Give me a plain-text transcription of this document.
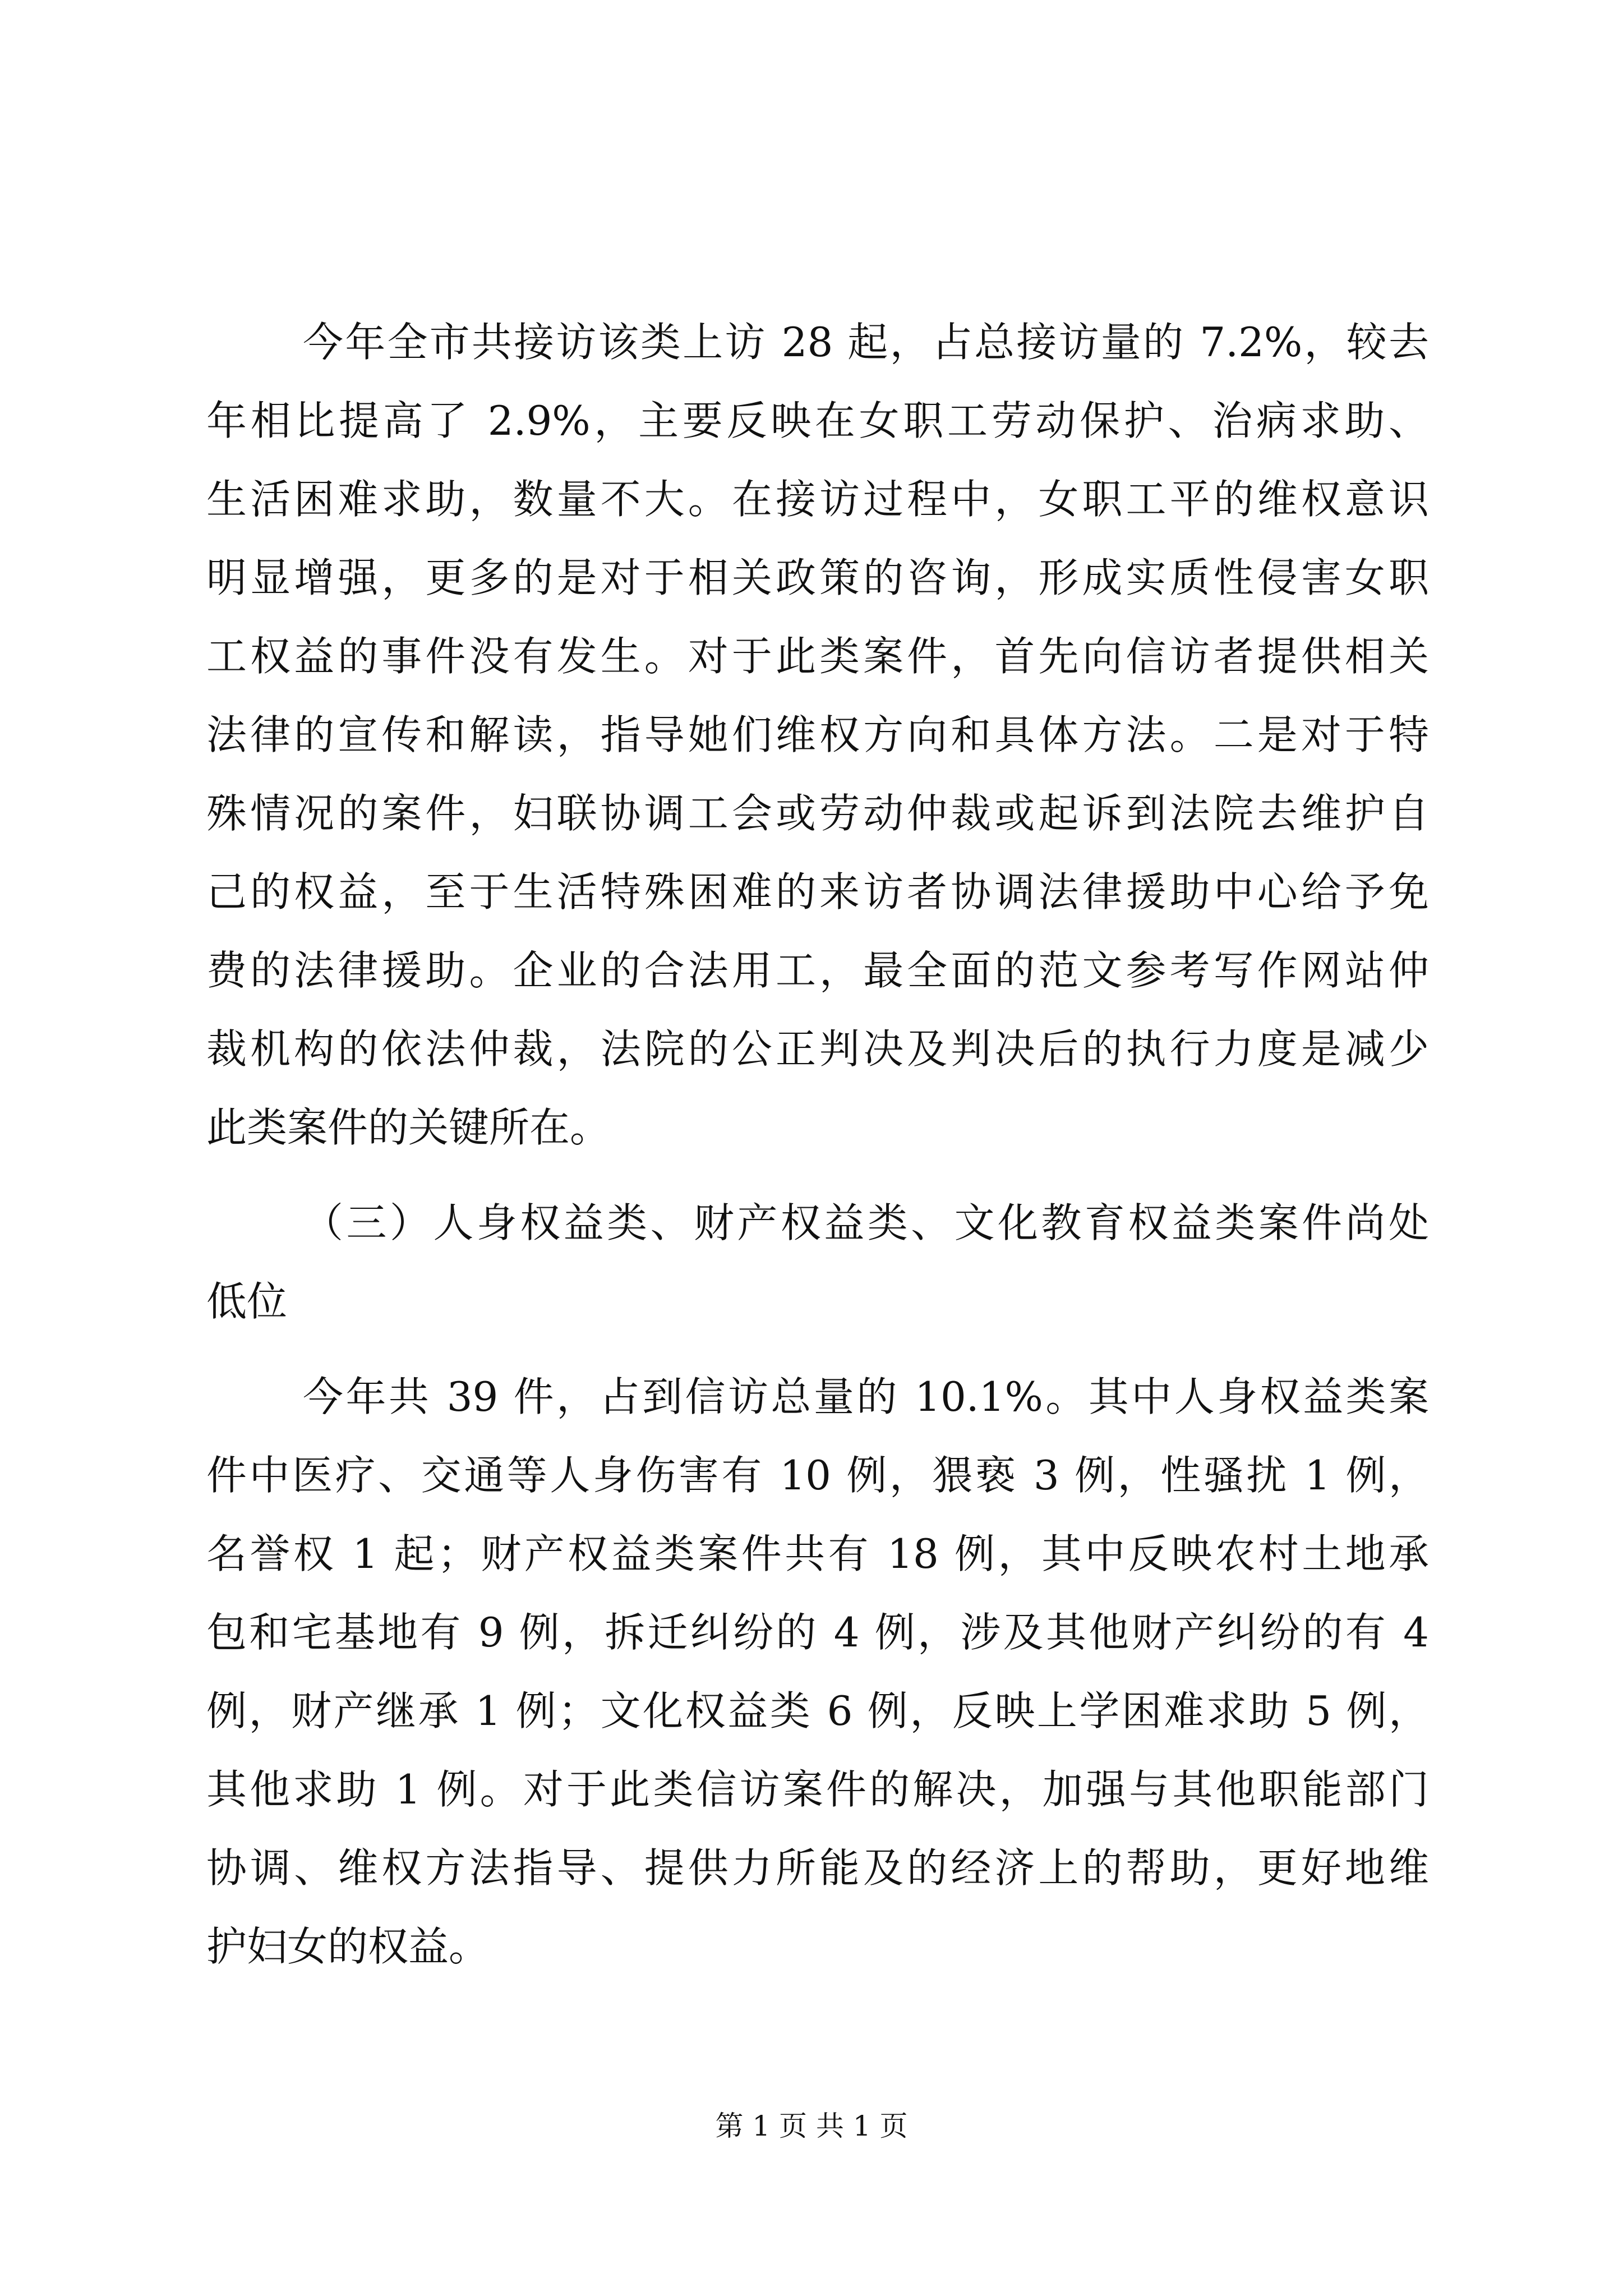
今年全市共接访该类上访 28 起，占总接访量的 7.2%，较去
年相比提高了 2.9%，主要反映在女职工劳动保护、治病求助、
生活困难求助，数量不大。在接访过程中，女职工平的维权意识
明显增强，更多的是对于相关政策的咨询，形成实质性侵害女职
工权益的事件没有发生。对于此类案件，首先向信访者提供相关
法律的宣传和解读，指导她们维权方向和具体方法。二是对于特
殊情况的案件，妇联协调工会或劳动仲裁或起诉到法院去维护自
己的权益，至于生活特殊困难的来访者协调法律援助中心给予免
费的法律援助。企业的合法用工，最全面的范文参考写作网站仲
裁机构的依法仲裁，法院的公正判决及判决后的执行力度是减少
此类案件的关键所在。
（三）人身权益类、财产权益类、文化教育权益类案件尚处
低位
今年共 39 件，占到信访总量的 10.1%。其中人身权益类案
件中医疗、交通等人身伤害有 10 例，猥亵 3 例，性骚扰 1 例，
名誉权 1 起；财产权益类案件共有 18 例，其中反映农村土地承
包和宅基地有 9 例，拆迁纠纷的 4 例，涉及其他财产纠纷的有 4
例，财产继承 1 例；文化权益类 6 例，反映上学困难求助 5 例，
其他求助 1 例。对于此类信访案件的解决，加强与其他职能部门
协调、维权方法指导、提供力所能及的经济上的帮助，更好地维
护妇女的权益。
第 1 页 共 1 页
